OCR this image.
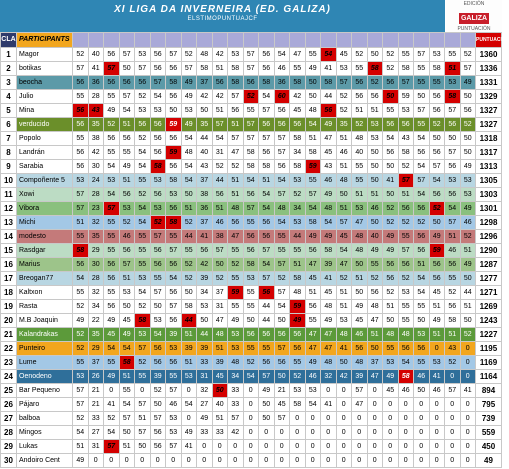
XI LIGA DA INVERNEIRA (ED. GALIZA)
ELSTIMOPUNTUAJCF
EDICIÓN
GALIZA
PUNTUACIÓN
CLA	PARTICIPANTS																											PUNTUACIÓN
1	Magor	52	40	56	57	53	56	57	52	48	42	53	57	56	54	47	55	54	45	52	50	52	55	57	53	55	52	1360
2	botikas	57	41	57	50	57	56	56	57	58	51	58	57	56	46	55	49	41	53	55	58	52	58	55	58	51	57	1336
3	beocha	56	36	56	56	56	57	58	49	37	56	58	56	58	36	58	50	58	57	56	52	56	57	55	55	53	49	1331
4	Julio	55	28	55	57	52	54	56	49	42	42	57	52	54	60	42	50	44	52	56	56	50	59	50	56	58	50	1329
5	Mina	56	43	49	54	53	53	50	53	50	51	56	55	57	56	45	48	56	52	51	51	55	53	57	56	57	56	1327
6	verducido	56	35	52	51	56	56	59	49	35	57	51	57	56	56	56	54	49	35	52	53	56	56	55	52	56	52	1327
7	Popolo	55	38	56	56	52	56	56	54	44	54	57	57	57	57	58	51	47	51	48	53	54	43	54	50	50	50	1318
8	Landrán	56	42	55	55	54	56	59	48	40	31	47	58	56	57	34	58	45	46	40	50	56	58	56	56	57	50	1317
9	Sarabia	56	30	54	49	54	58	56	54	43	52	52	58	58	56	58	59	43	51	55	50	50	52	54	57	56	49	1313
10	Compoñente 5	53	24	53	51	55	53	58	54	37	44	51	54	51	54	53	55	46	48	55	50	41	57	57	54	53	53	1305
11	Xowi	57	28	54	56	52	56	53	50	38	56	51	56	54	57	52	57	49	50	51	51	50	51	54	56	56	53	1303
12	Vibora	57	23	57	53	54	53	56	51	36	51	48	57	54	48	34	54	48	51	53	46	52	56	56	52	54	49	1301
13	Michi	51	32	55	52	54	52	58	52	37	46	56	55	56	54	53	58	54	57	47	50	52	52	52	50	57	46	1298
14	modesto	55	35	55	46	55	57	55	44	41	38	47	56	56	55	44	49	49	45	48	40	49	55	56	49	51	52	1296
15	Rasdgar	58	29	55	56	55	56	57	55	56	57	55	56	57	55	55	56	58	54	48	49	49	57	56	59	46	51	1290
16	Marius	56	30	56	57	55	56	56	52	42	50	52	58	54	57	51	47	39	47	50	55	56	56	51	56	56	49	1287
17	Breogan77	54	28	56	51	53	55	54	52	39	52	55	53	57	52	58	45	41	52	51	52	56	52	54	56	55	50	1277
18	Kaltxon	55	32	55	53	54	57	56	50	34	37	59	55	56	57	48	51	45	51	50	56	52	53	54	45	52	44	1271
19	Rasta	52	34	56	50	52	50	57	58	53	31	55	55	44	54	59	56	48	51	49	48	51	55	55	51	56	51	1269
20	M.B Joaquin	49	22	49	45	58	53	56	44	50	47	49	50	44	50	49	55	49	53	45	47	50	55	50	49	58	50	1243
21	Kalandrakas	52	35	45	49	53	54	39	51	44	48	53	56	56	56	56	47	47	48	46	51	48	48	53	51	51	52	1227
22	Punteiro	52	29	54	54	57	56	53	39	39	51	53	55	55	57	56	47	47	41	56	50	55	56	56	0	43	0	1195
23	Lume	55	37	55	58	52	56	56	51	33	39	48	52	56	56	55	49	48	50	48	37	53	54	55	53	52	0	1169
24	Oenodeno	53	26	49	51	55	39	55	53	31	45	34	54	57	50	52	46	32	42	39	47	49	58	46	41	0	0	1164
25	Bar Pequeno	57	21	0	55	0	52	57	0	32	50	33	0	49	21	53	53	0	0	57	0	45	46	50	46	57	41	894
26	Pájaro	57	21	41	54	57	50	46	54	27	40	33	0	50	45	58	54	41	0	47	0	0	0	0	0	0	0	795
27	balboa	52	33	52	57	51	57	53	0	49	51	57	0	50	57	0	0	0	0	0	0	0	0	0	0	0	0	739
28	Mingos	54	27	54	50	57	56	53	49	33	33	42	0	0	0	0	0	0	0	0	0	0	0	0	0	0	0	559
29	Lukas	51	31	57	51	50	56	57	41	0	0	0	0	0	0	0	0	0	0	0	0	0	0	0	0	0	0	450
30	Andoiro Cent	49	0	0	0	0	0	0	0	0	0	0	0	0	0	0	0	0	0	0	0	0	0	0	0	0	0	49
